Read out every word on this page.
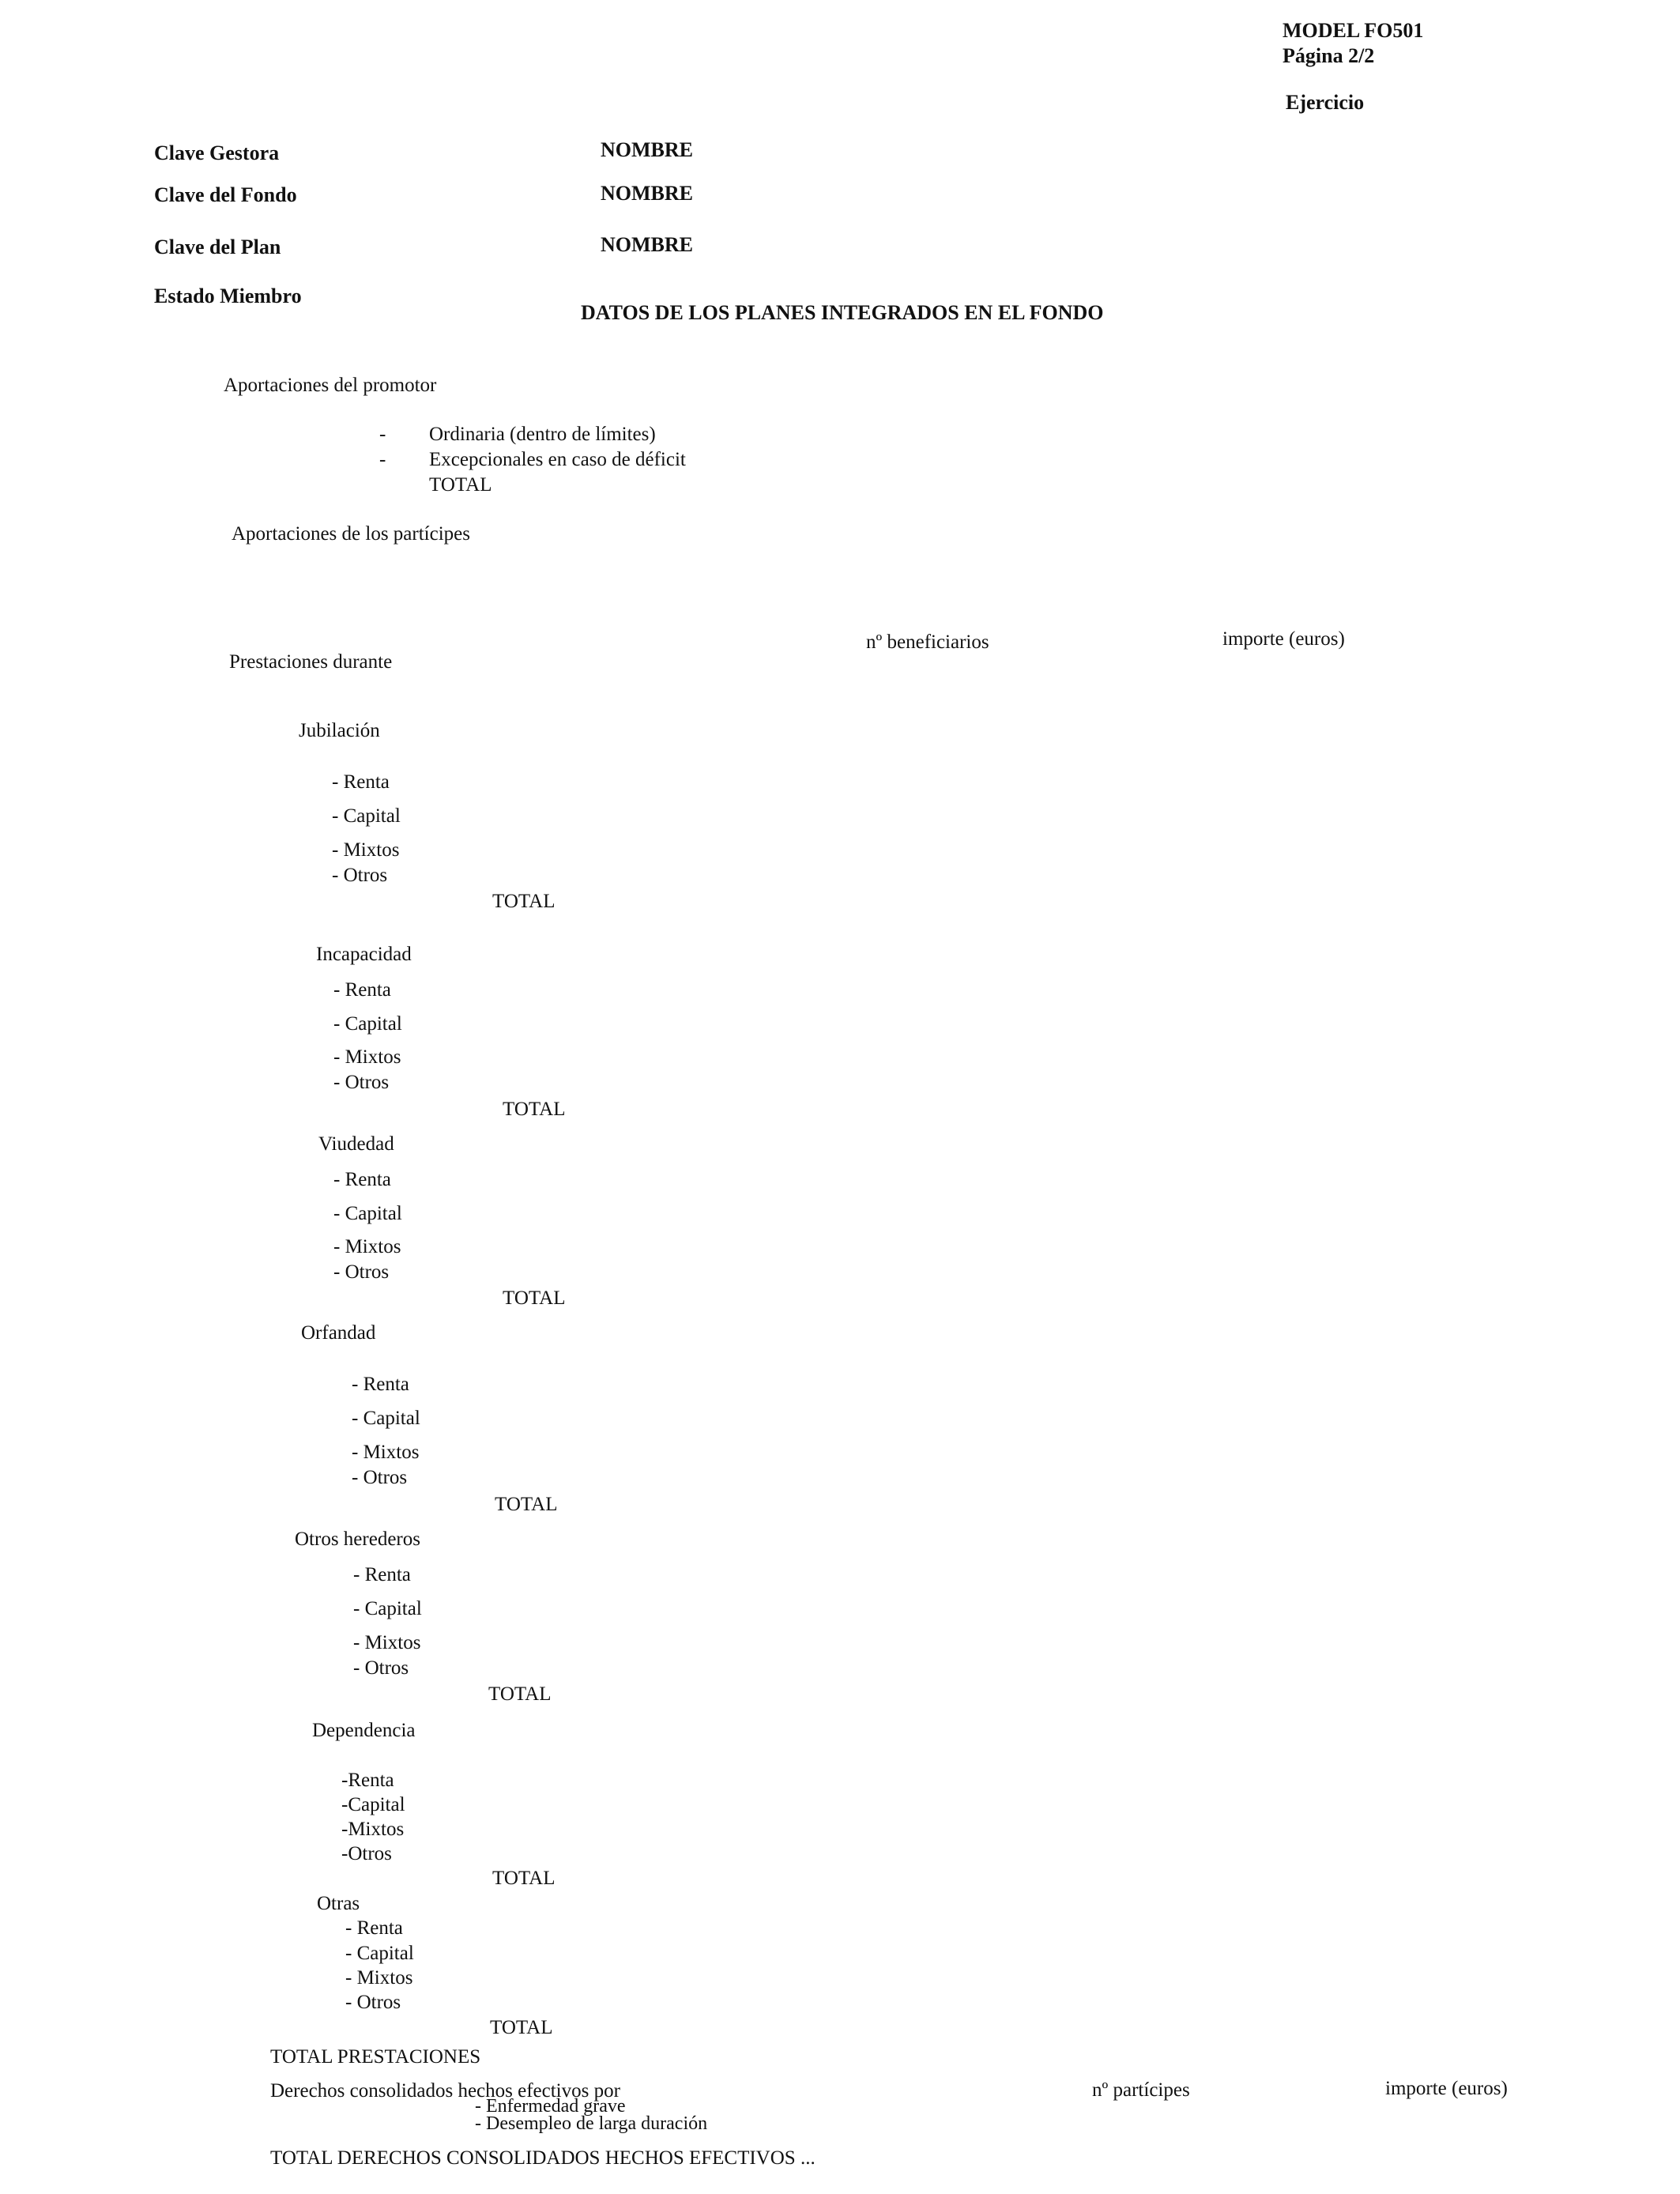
MODEL FO501
Página 2/2
Ejercicio
Clave Gestora	NOMBRE
Clave del Fondo	NOMBRE
Clave del Plan	NOMBRE
Estado Miembro
DATOS DE LOS PLANES INTEGRADOS EN EL FONDO
Aportaciones del promotor
- Ordinaria (dentro de límites)
- Excepcionales en caso de déficit
TOTAL
Aportaciones de los partícipes
nº beneficiarios	importe (euros)
Prestaciones durante
Jubilación
- Renta
- Capital
- Mixtos
- Otros
TOTAL
Incapacidad
- Renta
- Capital
- Mixtos
- Otros
TOTAL
Viudedad
- Renta
- Capital
- Mixtos
- Otros
TOTAL
Orfandad
- Renta
- Capital
- Mixtos
- Otros
TOTAL
Otros herederos
- Renta
- Capital
- Mixtos
- Otros
TOTAL
Dependencia
-Renta
-Capital
-Mixtos
-Otros
TOTAL
Otras
- Renta
- Capital
- Mixtos
- Otros
TOTAL
TOTAL PRESTACIONES
Derechos consolidados hechos efectivos por	nº partícipes	importe (euros)
- Enfermedad grave
- Desempleo de larga duración
TOTAL DERECHOS CONSOLIDADOS HECHOS EFECTIVOS ...
